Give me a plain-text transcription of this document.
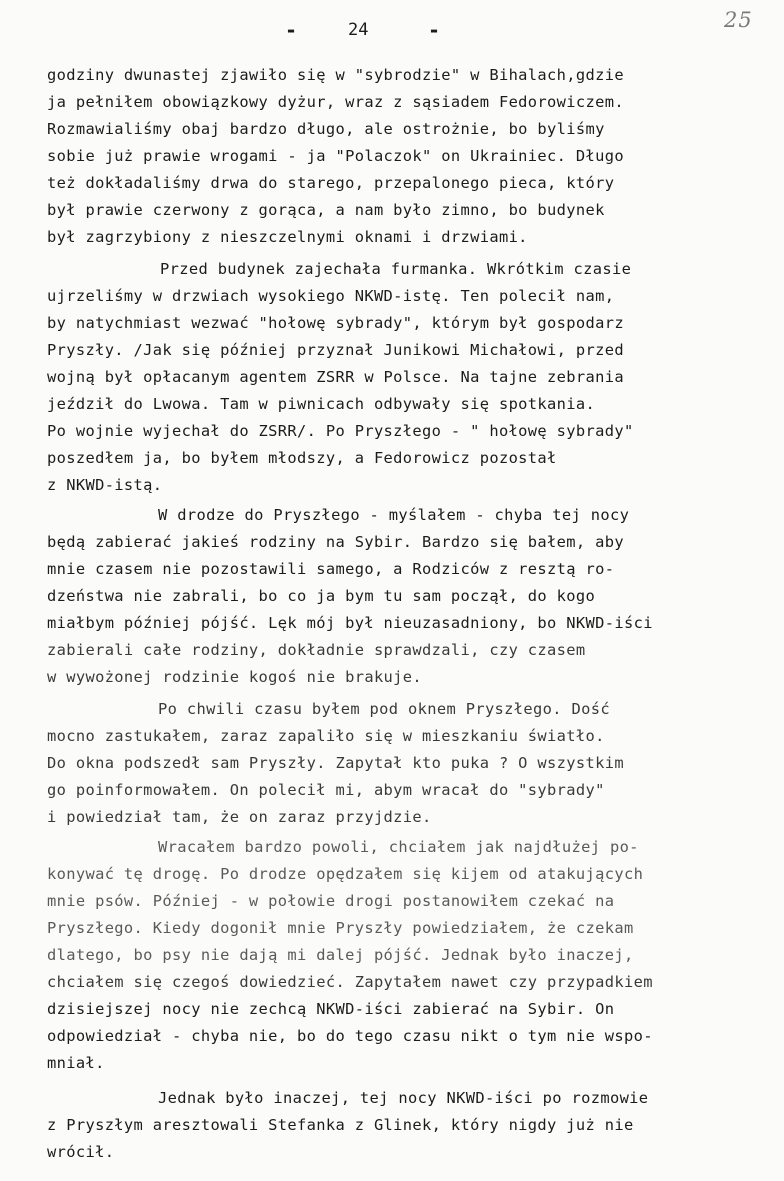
-	24	-	25
godziny dwunastej zjawiło się w "sybrodzie" w Bihalach,gdzie
ja pełniłem obowiązkowy dyżur, wraz z sąsiadem Fedorowiczem.
Rozmawialiśmy obaj bardzo długo, ale ostrożnie, bo byliśmy
sobie już prawie wrogami - ja "Polaczok" on Ukrainiec. Długo
też dokładaliśmy drwa do starego, przepalonego pieca, który
był prawie czerwony z gorąca, a nam było zimno, bo budynek
był zagrzybiony z nieszczelnymi oknami i drzwiami.
Przed budynek zajechała furmanka. Wkrótkim czasie
ujrzeliśmy w drzwiach wysokiego NKWD-istę. Ten polecił nam,
by natychmiast wezwać "hołowę sybrady", którym był gospodarz
Pryszły. /Jak się później przyznał Junikowi Michałowi, przed
wojną był opłacanym agentem ZSRR w Polsce. Na tajne zebrania
jeździł do Lwowa. Tam w piwnicach odbywały się spotkania.
Po wojnie wyjechał do ZSRR/. Po Pryszłego - " hołowę sybrady"
poszedłem ja, bo byłem młodszy, a Fedorowicz pozostał
z NKWD-istą.
W drodze do Pryszłego - myślałem - chyba tej nocy
będą zabierać jakieś rodziny na Sybir. Bardzo się bałem, aby
mnie czasem nie pozostawili samego, a Rodziców z resztą ro-
dzeństwa nie zabrali, bo co ja bym tu sam począł, do kogo
miałbym później pójść. Lęk mój był nieuzasadniony, bo NKWD-iści
zabierali całe rodziny, dokładnie sprawdzali, czy czasem
w wywożonej rodzinie kogoś nie brakuje.
Po chwili czasu byłem pod oknem Pryszłego. Dość
mocno zastukałem, zaraz zapaliło się w mieszkaniu światło.
Do okna podszedł sam Pryszły. Zapytał kto puka ? O wszystkim
go poinformowałem. On polecił mi, abym wracał do "sybrady"
i powiedział tam, że on zaraz przyjdzie.
Wracałem bardzo powoli, chciałem jak najdłużej po-
konywać tę drogę. Po drodze opędzałem się kijem od atakujących
mnie psów. Później - w połowie drogi postanowiłem czekać na
Pryszłego. Kiedy dogonił mnie Pryszły powiedziałem, że czekam
dlatego, bo psy nie dają mi dalej pójść. Jednak było inaczej,
chciałem się czegoś dowiedzieć. Zapytałem nawet czy przypadkiem
dzisiejszej nocy nie zechcą NKWD-iści zabierać na Sybir. On
odpowiedział - chyba nie, bo do tego czasu nikt o tym nie wspo-
mniał.
Jednak było inaczej, tej nocy NKWD-iści po rozmowie
z Pryszłym aresztowali Stefanka z Glinek, który nigdy już nie
wrócił.
